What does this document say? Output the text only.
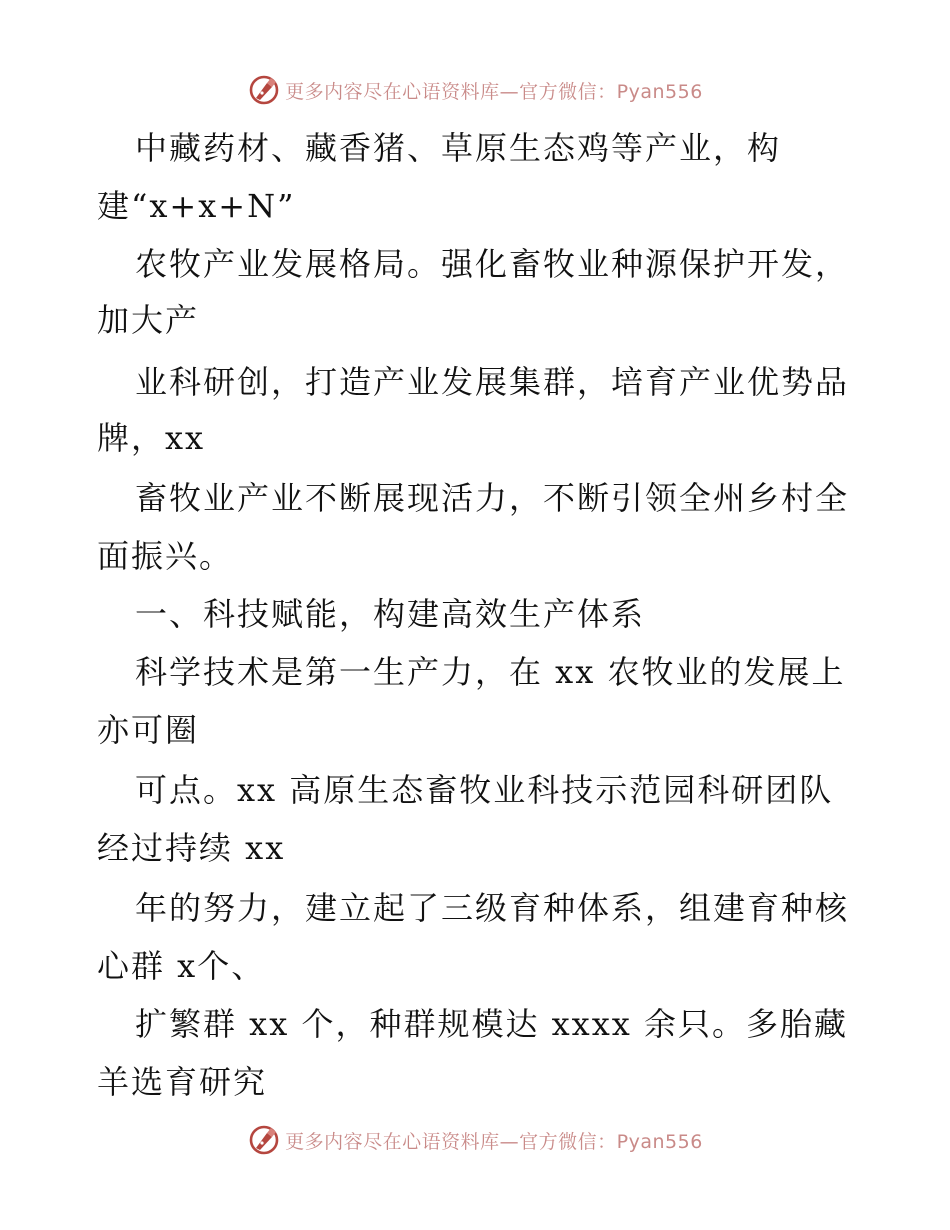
更多内容尽在心语资料库—官方微信：Pyan556
中藏药材、藏香猪、草原生态鸡等产业，构
建“x+x+N”
农牧产业发展格局。强化畜牧业种源保护开发，
加大产
业科研创，打造产业发展集群，培育产业优势品
牌，xx
畜牧业产业不断展现活力，不断引领全州乡村全
面振兴。
一、科技赋能，构建高效生产体系
科学技术是第一生产力，在 xx 农牧业的发展上
亦可圈
可点。xx 高原生态畜牧业科技示范园科研团队
经过持续 xx
年的努力，建立起了三级育种体系，组建育种核
心群 x个、
扩繁群 xx 个，种群规模达 xxxx 余只。多胎藏
羊选育研究
更多内容尽在心语资料库—官方微信：Pyan556
